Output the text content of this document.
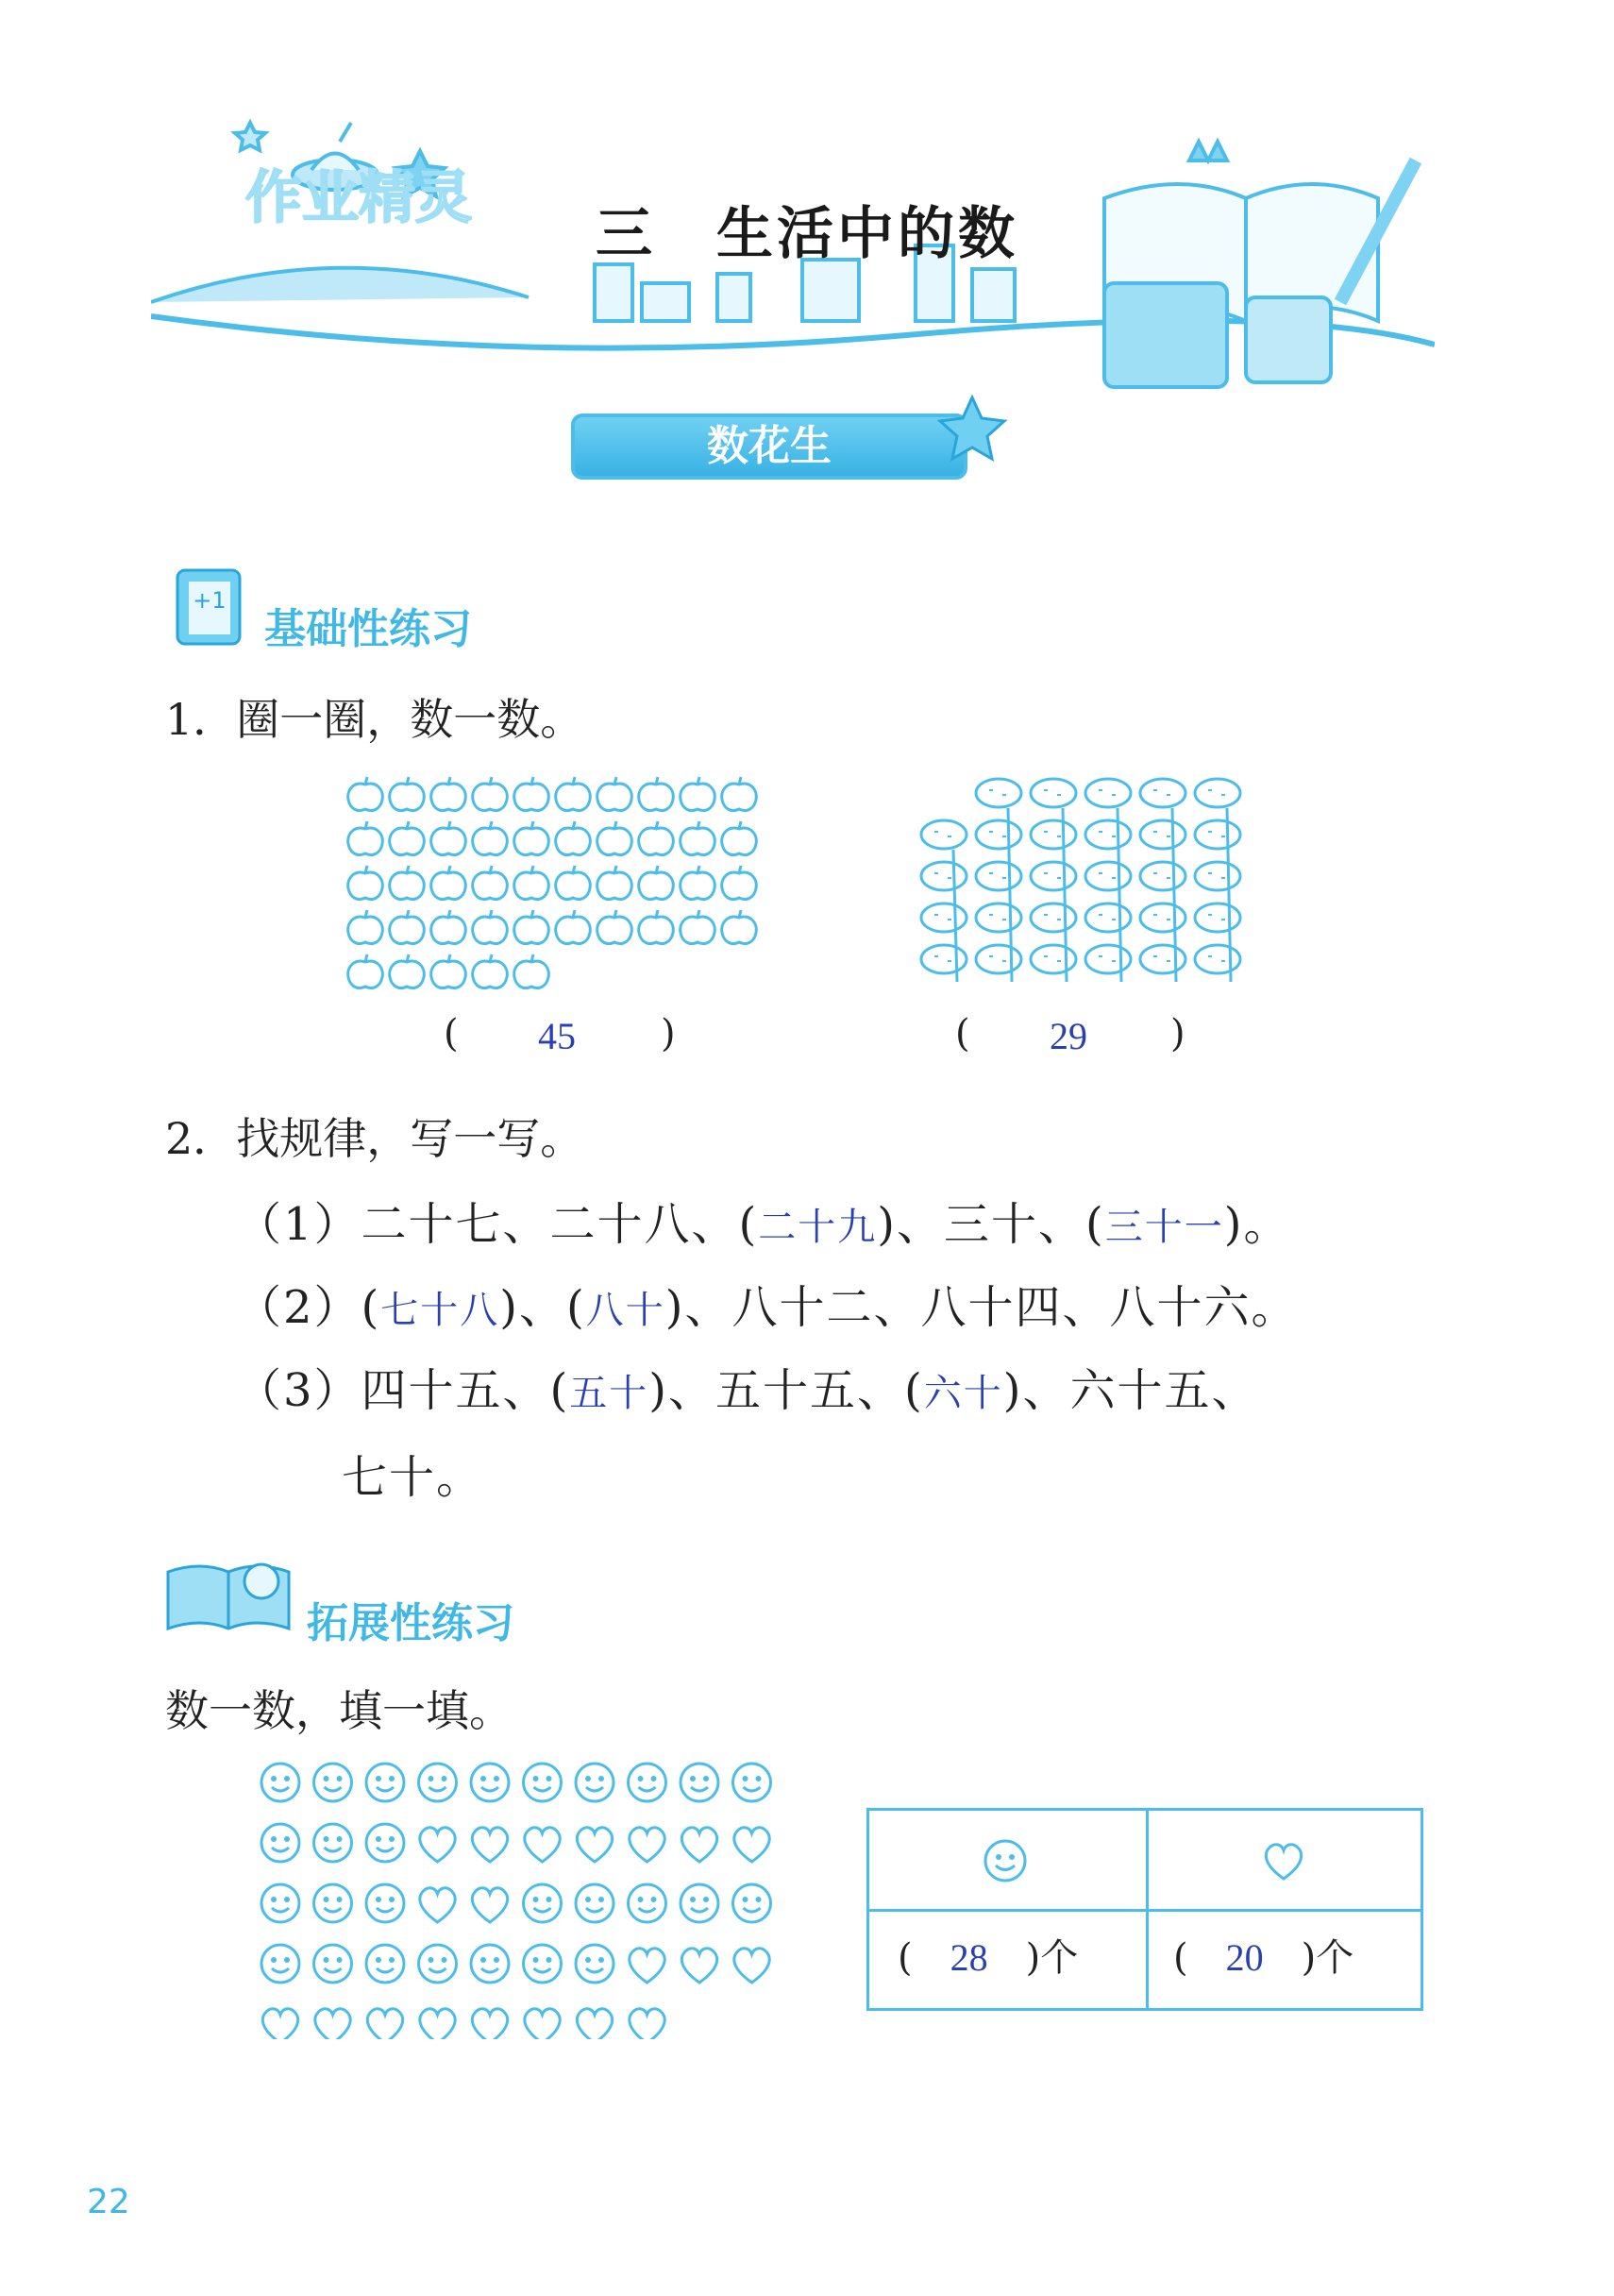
作业精灵
三　生活中的数
数花生
+1
基础性练习
1．圈一圈，数一数。
( 45 )	( 29 )
2．找规律，写一写。
（1）二十七、二十八、(二十九)、三十、(三十一)。
（2）(七十八)、(八十)、八十二、八十四、八十六。
（3）四十五、(五十)、五十五、(六十)、六十五、
七十。
拓展性练习
数一数，填一填。
(　28　)个	(　20　)个
22
